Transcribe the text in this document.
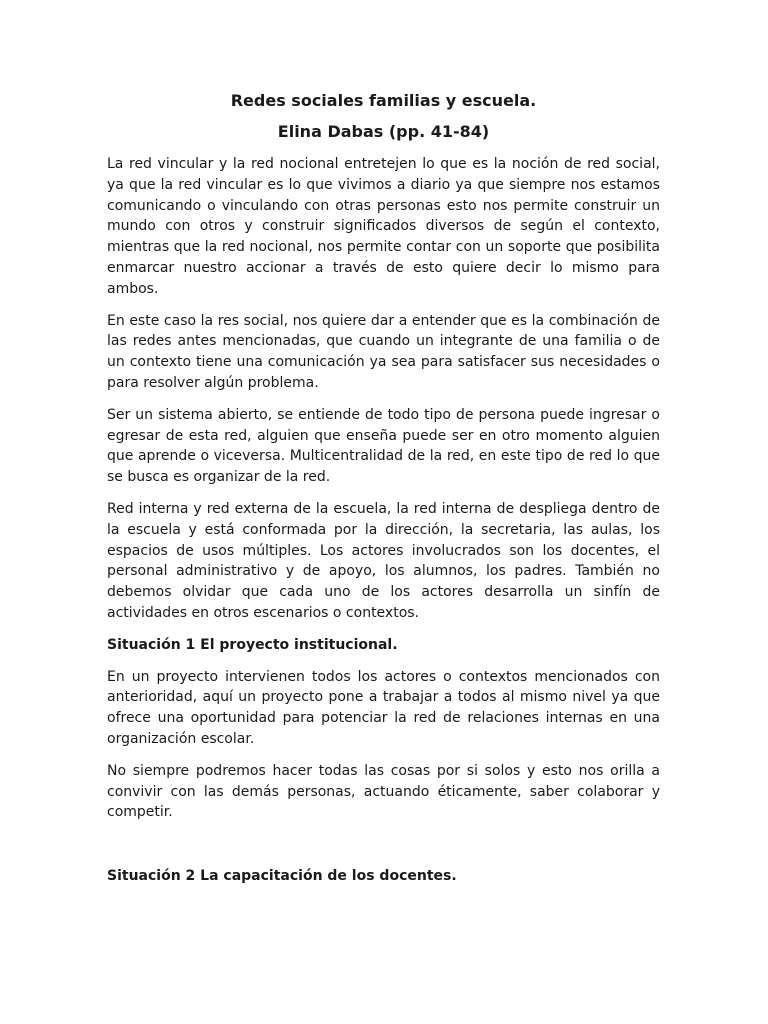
Redes sociales familias y escuela.
Elina Dabas (pp. 41-84)

La red vincular y la red nocional entretejen lo que es la noción de red social, ya que la red vincular es lo que vivimos a diario ya que siempre nos estamos comunicando o vinculando con otras personas esto nos permite construir un mundo con otros y construir significados diversos de según el contexto, mientras que la red nocional, nos permite contar con un soporte que posibilita enmarcar nuestro accionar a través de esto quiere decir lo mismo para ambos.

En este caso la res social, nos quiere dar a entender que es la combinación de las redes antes mencionadas, que cuando un integrante de una familia o de un contexto tiene una comunicación ya sea para satisfacer sus necesidades o para resolver algún problema.

Ser un sistema abierto, se entiende de todo tipo de persona puede ingresar o egresar de esta red, alguien que enseña puede ser en otro momento alguien que aprende o viceversa. Multicentralidad de la red, en este tipo de red lo que se busca es organizar de la red.

Red interna y red externa de la escuela, la red interna de despliega dentro de la escuela y está conformada por la dirección, la secretaria, las aulas, los espacios de usos múltiples. Los actores involucrados son los docentes, el personal administrativo y de apoyo, los alumnos, los padres. También no debemos olvidar que cada uno de los actores desarrolla un sinfín de actividades en otros escenarios o contextos.

Situación 1 El proyecto institucional.

En un proyecto intervienen todos los actores o contextos mencionados con anterioridad, aquí un proyecto pone a trabajar a todos al mismo nivel ya que ofrece una oportunidad para potenciar la red de relaciones internas en una organización escolar.

No siempre podremos hacer todas las cosas por si solos y esto nos orilla a convivir con las demás personas, actuando éticamente, saber colaborar y competir.

Situación 2 La capacitación de los docentes.
